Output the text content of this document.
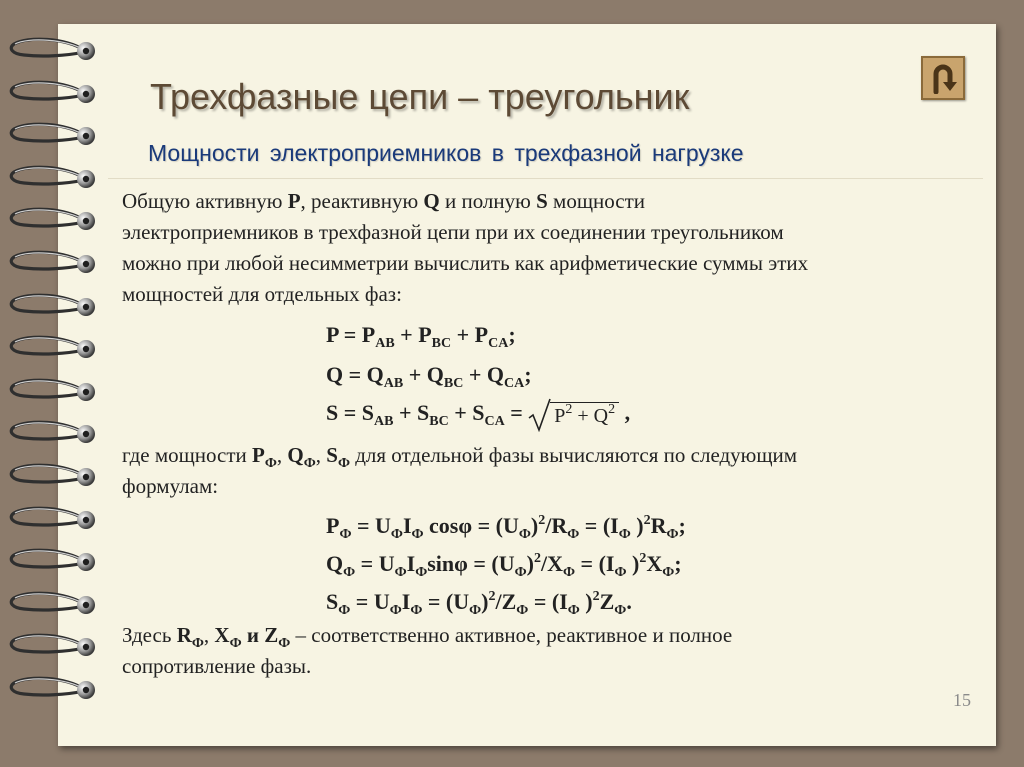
Трехфазные цепи – треугольник
Мощности электроприемников в трехфазной нагрузке
Общую активную P, реактивную Q и полную S мощности
электроприемников в трехфазной цепи при их соединении треугольником
можно при любой несимметрии вычислить как арифметические суммы этих
мощностей для отдельных фаз:
$P = P_{AB} + P_{BC} + P_{CA}$;
$Q = Q_{AB} + Q_{BC} + Q_{CA}$;
$S = S_{AB} + S_{BC} + S_{CA}$ =
$P^2 + Q^2$ ,
где мощности $P_Ф$, $Q_Ф$, $S_Ф$ для отдельной фазы вычисляются по следующим
формулам:
$P_Ф = U_ФI_Ф$ $\cos\varphi = (U_Ф)^2/R_Ф = (I_Ф$ )$^2R_Ф$;
$Q_Ф = U_ФI_Ф\sin\varphi = (U_Ф)^2/X_Ф = (I_Ф$ )$^2X_Ф$;
$S_Ф = U_ФI_Ф = (U_Ф)^2/Z_Ф = (I_Ф$ )$^2Z_Ф$.
Здесь $R_Ф$, $X_Ф$ и $Z_Ф$ – соответственно активное, реактивное и полное
сопротивление фазы.
15
